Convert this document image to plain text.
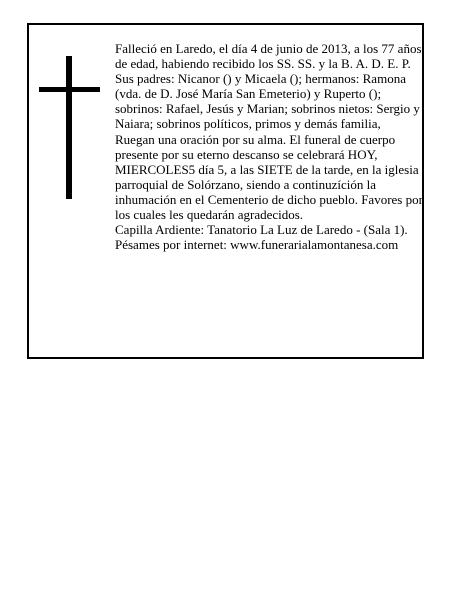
Falleció en Laredo, el día 4 de junio de 2013, a los 77 años de edad, habiendo recibido los SS. SS. y la B. A. D. E. P.

Sus padres: Nicanor () y Micaela (); hermanos: Ramona (vda. de D. José María San Emeterio) y Ruperto (); sobrinos: Rafael, Jesús y Marian; sobrinos nietos: Sergio y Naiara; sobrinos políticos, primos y demás familia,

Ruegan una oración por su alma. El funeral de cuerpo presente por su eterno descanso se celebrará HOY, MIERCOLES5 día 5, a las SIETE de la tarde, en la iglesia parroquial de Solórzano, siendo a continuzíción la inhumación en el Cementerio de dicho pueblo. Favores por los cuales les quedarán agradecidos.

Capilla Ardiente: Tanatorio La Luz de Laredo - (Sala 1).

Pésames por internet: www.funerarialamontanesa.com
